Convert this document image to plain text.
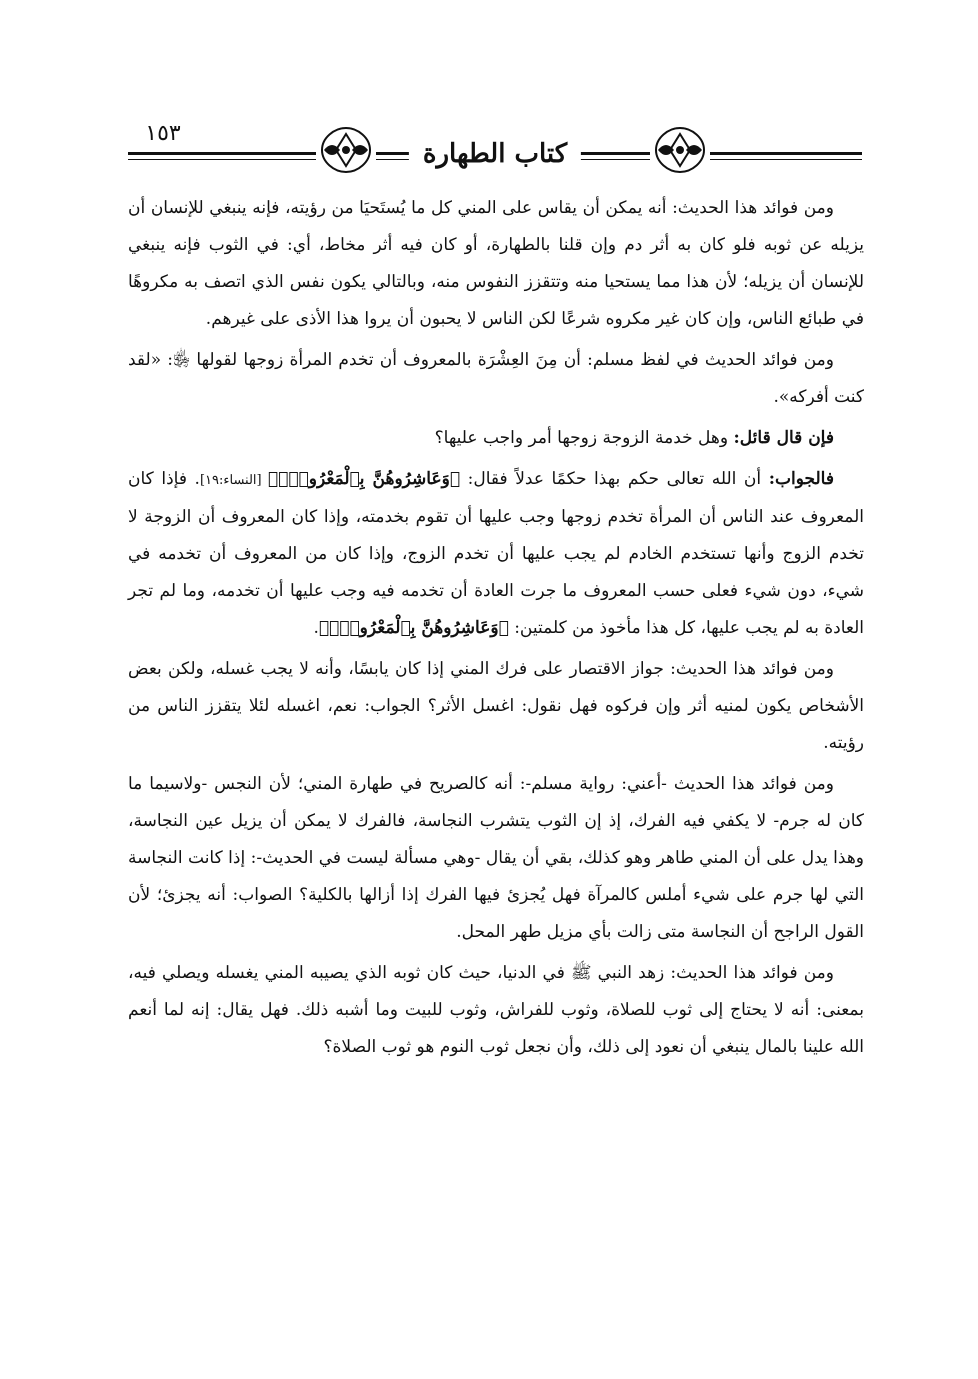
١٥٣
كتاب الطهارة

ومن فوائد هذا الحديث: أنه يمكن أن يقاس على المني كل ما يُستَحيَا من رؤيته، فإنه ينبغي للإنسان أن يزيله عن ثوبه فلو كان به أثر دم وإن قلنا بالطهارة، أو كان فيه أثر مخاط، أي: في الثوب فإنه ينبغي للإنسان أن يزيله؛ لأن هذا مما يستحيا منه وتتقزز النفوس منه، وبالتالي يكون نفس الذي اتصف به مكروهًا في طبائع الناس، وإن كان غير مكروه شرعًا لكن الناس لا يحبون أن يروا هذا الأذى على غيرهم.

ومن فوائد الحديث في لفظ مسلم: أن مِنَ العِشْرَة بالمعروف أن تخدم المرأة زوجها لقولها ﵂: «لقد كنت أفركه».

فإن قال قائل: وهل خدمة الزوجة زوجها أمر واجب عليها؟

فالجواب: أن الله تعالى حكم بهذا حكمًا عدلاً فقال: ﴿وَعَاشِرُوهُنَّ بِٱلْمَعْرُوفِۚ﴾ [النساء:١٩]. فإذا كان المعروف عند الناس أن المرأة تخدم زوجها وجب عليها أن تقوم بخدمته، وإذا كان المعروف أن الزوجة لا تخدم الزوج وأنها تستخدم الخادم لم يجب عليها أن تخدم الزوج، وإذا كان من المعروف أن تخدمه في شيء، دون شيء فعلى حسب المعروف ما جرت العادة أن تخدمه فيه وجب عليها أن تخدمه، وما لم تجر العادة به لم يجب عليها، كل هذا مأخوذ من كلمتين: ﴿وَعَاشِرُوهُنَّ بِٱلْمَعْرُوفِۚ﴾.

ومن فوائد هذا الحديث: جواز الاقتصار على فرك المني إذا كان يابسًا، وأنه لا يجب غسله، ولكن بعض الأشخاص يكون لمنيه أثر وإن فركوه فهل نقول: اغسل الأثر؟ الجواب: نعم، اغسله لئلا يتقزز الناس من رؤيته.

ومن فوائد هذا الحديث -أعني: رواية مسلم-: أنه كالصريح في طهارة المني؛ لأن النجس -ولاسيما ما كان له جرم- لا يكفي فيه الفرك، إذ إن الثوب يتشرب النجاسة، فالفرك لا يمكن أن يزيل عين النجاسة، وهذا يدل على أن المني طاهر وهو كذلك، بقي أن يقال -وهي مسألة ليست في الحديث-: إذا كانت النجاسة التي لها جرم على شيء أملس كالمرآة فهل يُجزئ فيها الفرك إذا أزالها بالكلية؟ الصواب: أنه يجزئ؛ لأن القول الراجح أن النجاسة متى زالت بأي مزيل طهر المحل.

ومن فوائد هذا الحديث: زهد النبي ﷺ في الدنيا، حيث كان ثوبه الذي يصيبه المني يغسله ويصلي فيه، بمعنى: أنه لا يحتاج إلى ثوب للصلاة، وثوب للفراش، وثوب للبيت وما أشبه ذلك. فهل يقال: إنه لما أنعم الله علينا بالمال ينبغي أن نعود إلى ذلك، وأن نجعل ثوب النوم هو ثوب الصلاة؟
